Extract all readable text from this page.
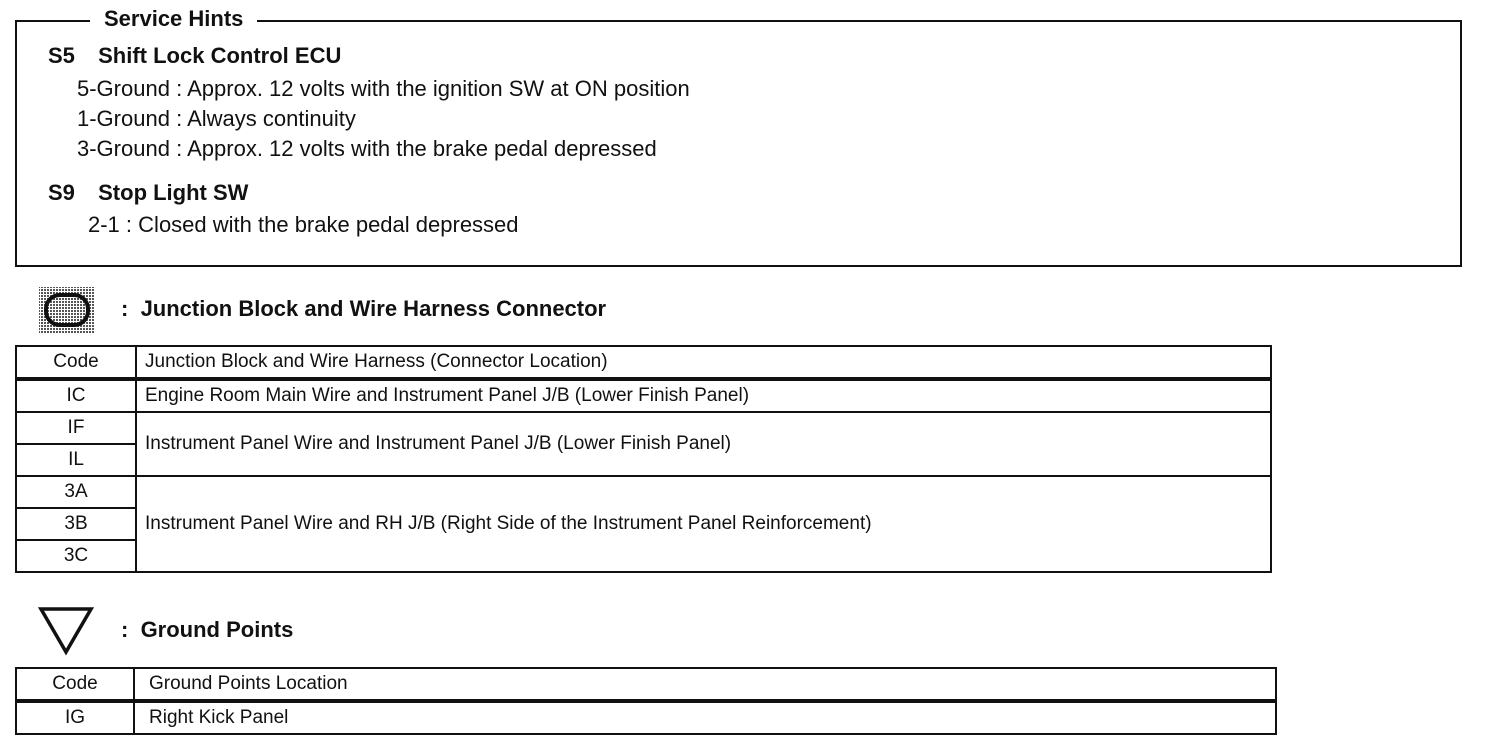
Service Hints
S5 Shift Lock Control ECU
5-Ground : Approx. 12 volts with the ignition SW at ON position
1-Ground : Always continuity
3-Ground : Approx. 12 volts with the brake pedal depressed
S9 Stop Light SW
2-1 : Closed with the brake pedal depressed
: Junction Block and Wire Harness Connector
Code	Junction Block and Wire Harness (Connector Location)
IC	Engine Room Main Wire and Instrument Panel J/B (Lower Finish Panel)
IF	Instrument Panel Wire and Instrument Panel J/B (Lower Finish Panel)
IL	
3A	Instrument Panel Wire and RH J/B (Right Side of the Instrument Panel Reinforcement)
3B	
3C	
: Ground Points
Code	Ground Points Location
IG	Right Kick Panel
